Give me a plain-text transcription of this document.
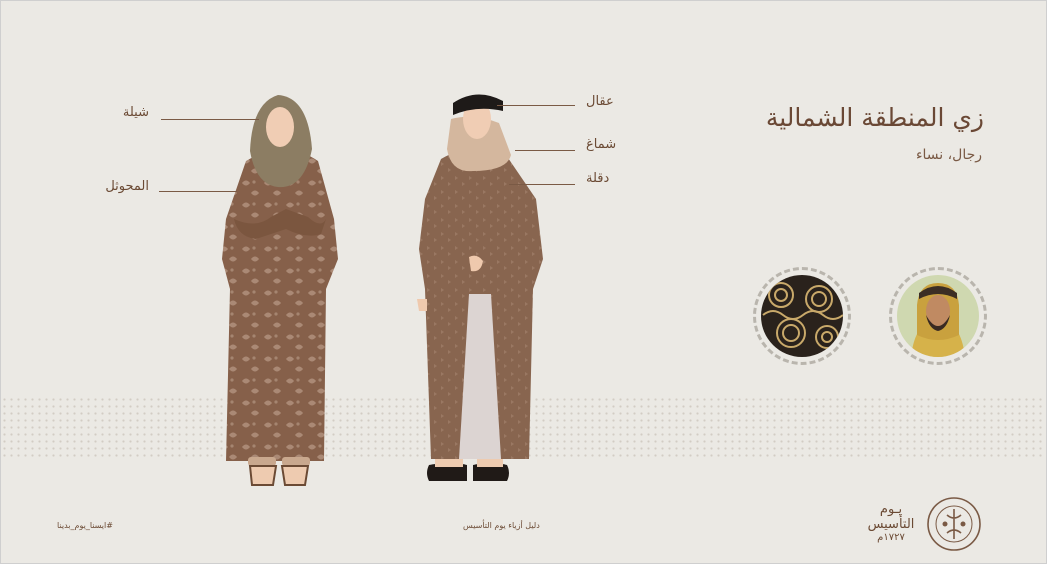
زي المنطقة الشمالية
رجال، نساء
شيلة
المحوثل
عقال
شماغ
دقلة
يـوم
التأسيس
١٧٢٧م
#ايسنا_يوم_بدينا	دليل أزياء يوم التأسيس
